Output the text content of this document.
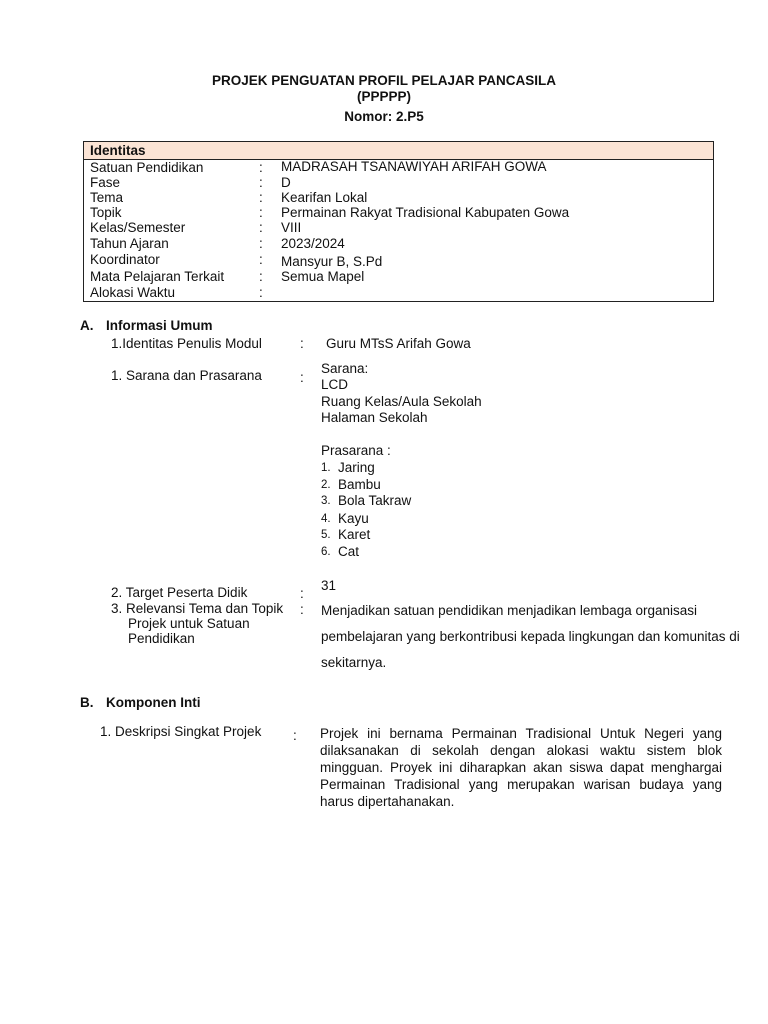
PROJEK PENGUATAN PROFIL PELAJAR PANCASILA
(PPPPP)
Nomor: 2.P5
Identitas
Satuan Pendidikan	: MADRASAH TSANAWIYAH ARIFAH GOWA
Fase	: D
Tema	: Kearifan Lokal
Topik	: Permainan Rakyat Tradisional Kabupaten Gowa
Kelas/Semester	: VIII
Tahun Ajaran	: 2023/2024
Koordinator	: Mansyur B, S.Pd
Mata Pelajaran Terkait	: Semua Mapel
Alokasi Waktu	:
A. Informasi Umum
1.Identitas Penulis Modul	: Guru MTsS Arifah Gowa
1. Sarana dan Prasarana	:
Sarana:
LCD
Ruang Kelas/Aula Sekolah
Halaman Sekolah
Prasarana :
1. Jaring
2. Bambu
3. Bola Takraw
4. Kayu
5. Karet
6. Cat
2. Target Peserta Didik	:
31
3. Relevansi Tema dan Topik
Projek untuk Satuan
Pendidikan
: Menjadikan satuan pendidikan menjadikan lembaga organisasi
pembelajaran yang berkontribusi kepada lingkungan dan komunitas di
sekitarnya.
B. Komponen Inti
1. Deskripsi Singkat Projek : Projek ini bernama Permainan Tradisional Untuk Negeri yang dilaksanakan di sekolah dengan alokasi waktu sistem blok mingguan. Proyek ini diharapkan akan siswa dapat menghargai Permainan Tradisional yang merupakan warisan budaya yang harus dipertahanakan.
